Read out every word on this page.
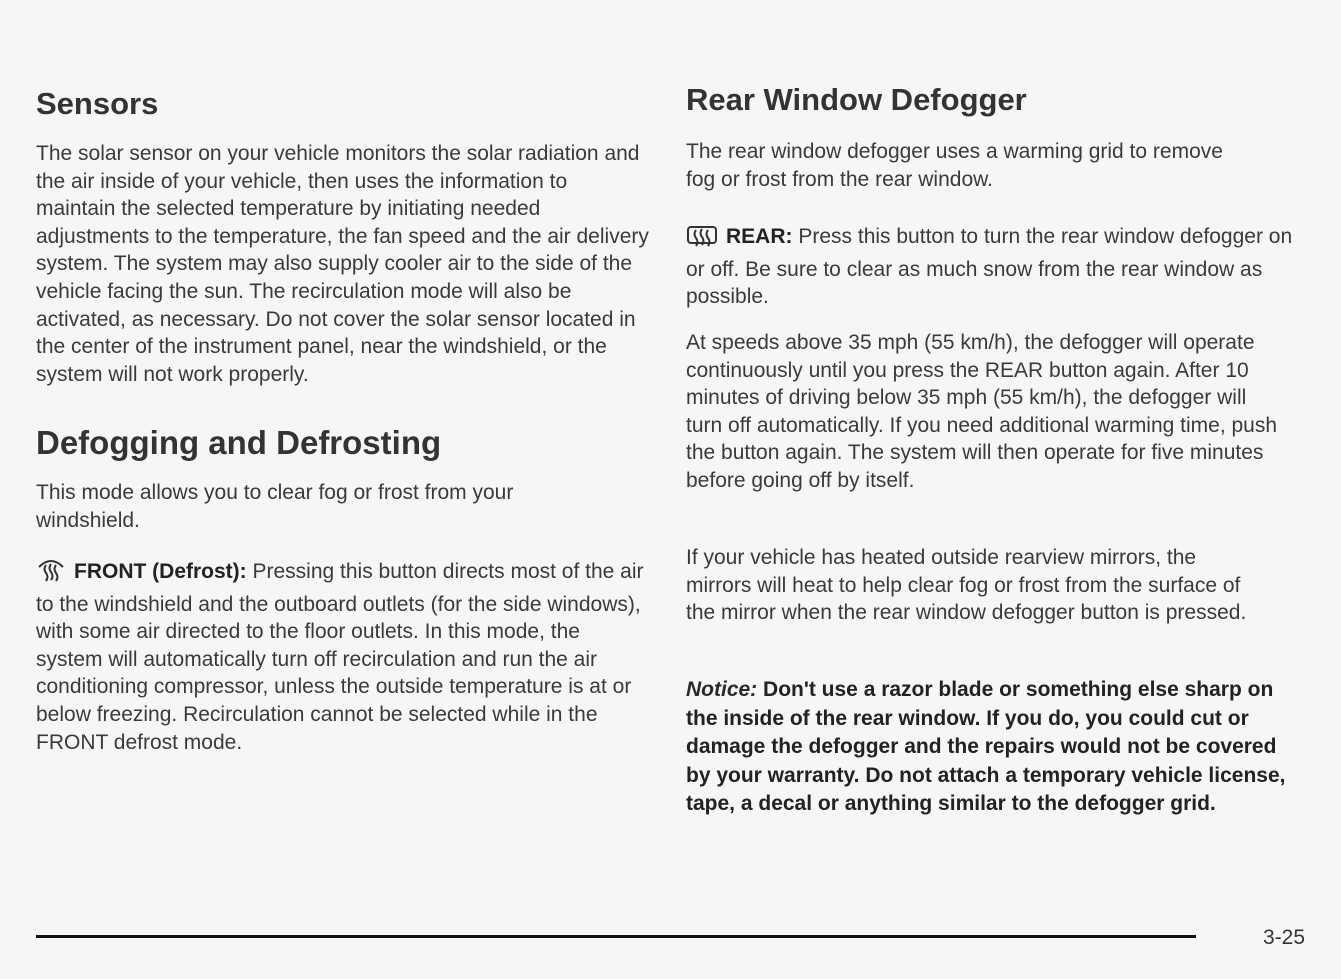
Sensors

The solar sensor on your vehicle monitors the solar radiation and the air inside of your vehicle, then uses the information to maintain the selected temperature by initiating needed adjustments to the temperature, the fan speed and the air delivery system. The system may also supply cooler air to the side of the vehicle facing the sun. The recirculation mode will also be activated, as necessary. Do not cover the solar sensor located in the center of the instrument panel, near the windshield, or the system will not work properly.

Defogging and Defrosting

This mode allows you to clear fog or frost from your windshield.

FRONT (Defrost): Pressing this button directs most of the air to the windshield and the outboard outlets (for the side windows), with some air directed to the floor outlets. In this mode, the system will automatically turn off recirculation and run the air conditioning compressor, unless the outside temperature is at or below freezing. Recirculation cannot be selected while in the FRONT defrost mode.

Rear Window Defogger

The rear window defogger uses a warming grid to remove fog or frost from the rear window.

REAR: Press this button to turn the rear window defogger on or off. Be sure to clear as much snow from the rear window as possible.

At speeds above 35 mph (55 km/h), the defogger will operate continuously until you press the REAR button again. After 10 minutes of driving below 35 mph (55 km/h), the defogger will turn off automatically. If you need additional warming time, push the button again. The system will then operate for five minutes before going off by itself.

If your vehicle has heated outside rearview mirrors, the mirrors will heat to help clear fog or frost from the surface of the mirror when the rear window defogger button is pressed.

Notice: Don't use a razor blade or something else sharp on the inside of the rear window. If you do, you could cut or damage the defogger and the repairs would not be covered by your warranty. Do not attach a temporary vehicle license, tape, a decal or anything similar to the defogger grid.

3-25
